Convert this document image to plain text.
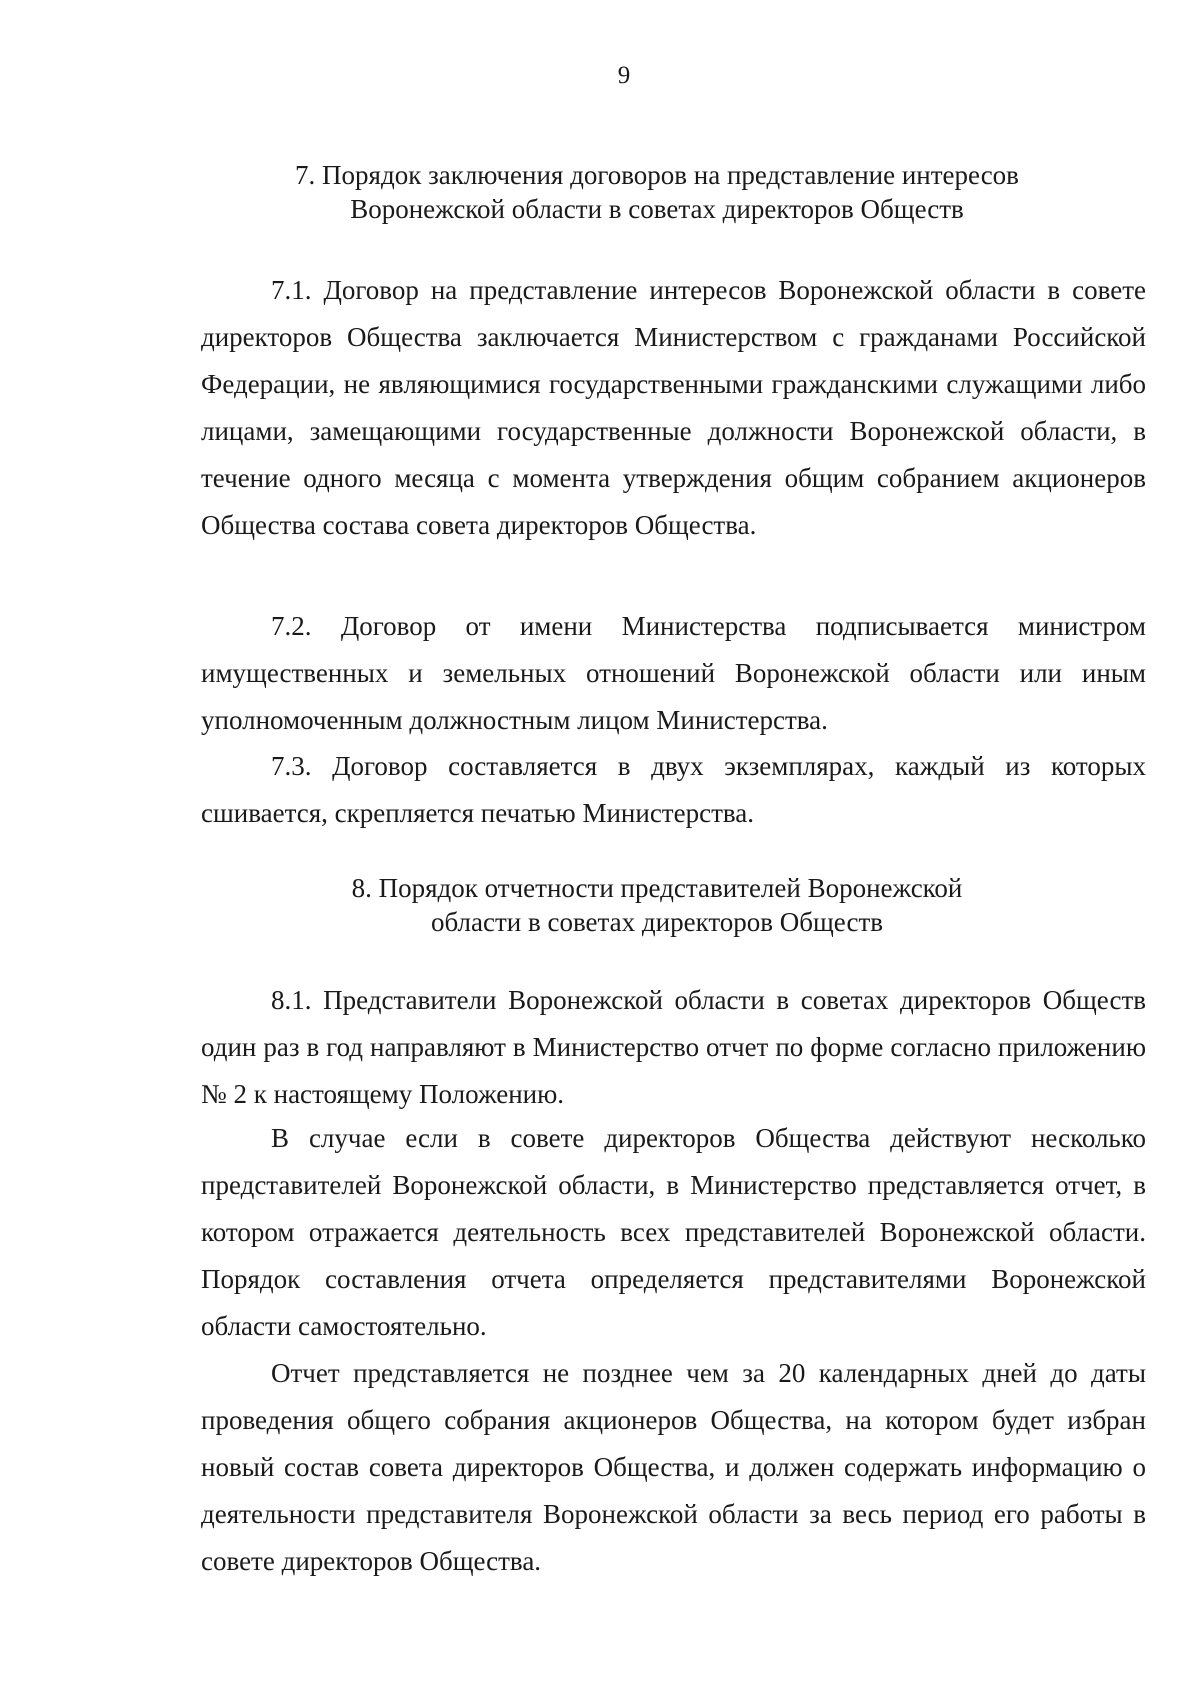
9
7. Порядок заключения договоров на представление интересов
Воронежской области в советах директоров Обществ

7.1. Договор на представление интересов Воронежской области в совете директоров Общества заключается Министерством с гражданами Российской Федерации, не являющимися государственными гражданскими служащими либо лицами, замещающими государственные должности Воронежской области, в течение одного месяца с момента утверждения общим собранием акционеров Общества состава совета директоров Общества.

7.2. Договор от имени Министерства подписывается министром имущественных и земельных отношений Воронежской области или иным уполномоченным должностным лицом Министерства.

7.3. Договор составляется в двух экземплярах, каждый из которых сшивается, скрепляется печатью Министерства.

8. Порядок отчетности представителей Воронежской
области в советах директоров Обществ

8.1. Представители Воронежской области в советах директоров Обществ один раз в год направляют в Министерство отчет по форме согласно приложению № 2 к настоящему Положению.

В случае если в совете директоров Общества действуют несколько представителей Воронежской области, в Министерство представляется отчет, в котором отражается деятельность всех представителей Воронежской области. Порядок составления отчета определяется представителями Воронежской области самостоятельно.

Отчет представляется не позднее чем за 20 календарных дней до даты проведения общего собрания акционеров Общества, на котором будет избран новый состав совета директоров Общества, и должен содержать информацию о деятельности представителя Воронежской области за весь период его работы в совете директоров Общества.
